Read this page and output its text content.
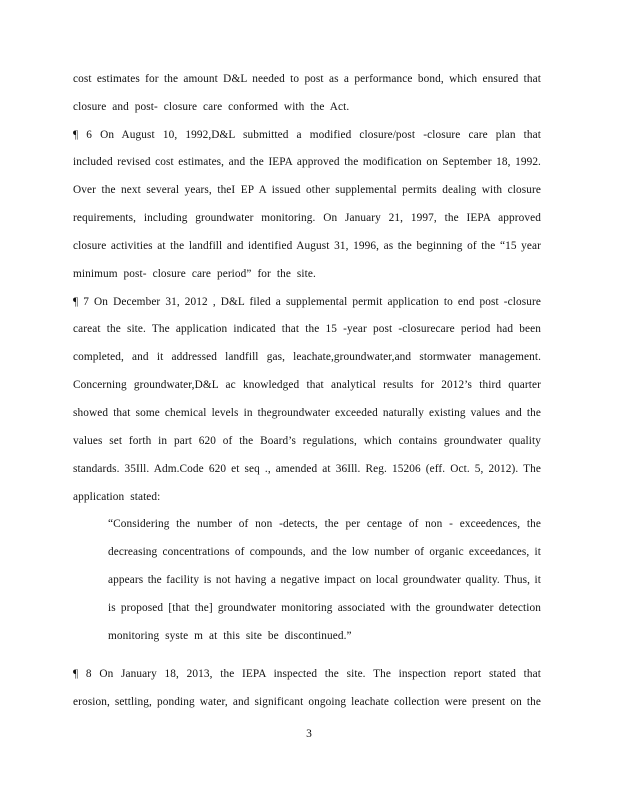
cost estimates for the amount D&L needed to post as a performance bond, which ensured that
closure and post- closure care conformed with the Act.
¶ 6 On August 10, 1992,D&L submitted a modified closure/post -closure care plan that
included revised cost estimates, and the IEPA approved the modification on September 18, 1992.
Over the next several years, theI EP A issued other supplemental permits dealing with closure
requirements, including groundwater monitoring. On January 21, 1997, the IEPA approved
closure activities at the landfill and identified August 31, 1996, as the beginning of the “15 year
minimum post- closure care period” for the site.
¶ 7 On December 31, 2012 , D&L filed a supplemental permit application to end post -closure
careat the site. The application indicated that the 15 -year post -closurecare period had been
completed, and it addressed landfill gas, leachate,groundwater,and stormwater management.
Concerning groundwater,D&L ac knowledged that analytical results for 2012’s third quarter
showed that some chemical levels in thegroundwater exceeded naturally existing values and the
values set forth in part 620 of the Board’s regulations, which contains groundwater quality
standards. 35Ill. Adm.Code 620 et seq ., amended at 36Ill. Reg. 15206 (eff. Oct. 5, 2012). The
application stated:
“Considering the number of non -detects, the per centage of non - exceedences, the
decreasing concentrations of compounds, and the low number of organic exceedances, it
appears the facility is not having a negative impact on local groundwater quality. Thus, it
is proposed [that the] groundwater monitoring associated with the groundwater detection
monitoring syste m at this site be discontinued.”
¶ 8 On January 18, 2013, the IEPA inspected the site. The inspection report stated that
erosion, settling, ponding water, and significant ongoing leachate collection were present on the
3
